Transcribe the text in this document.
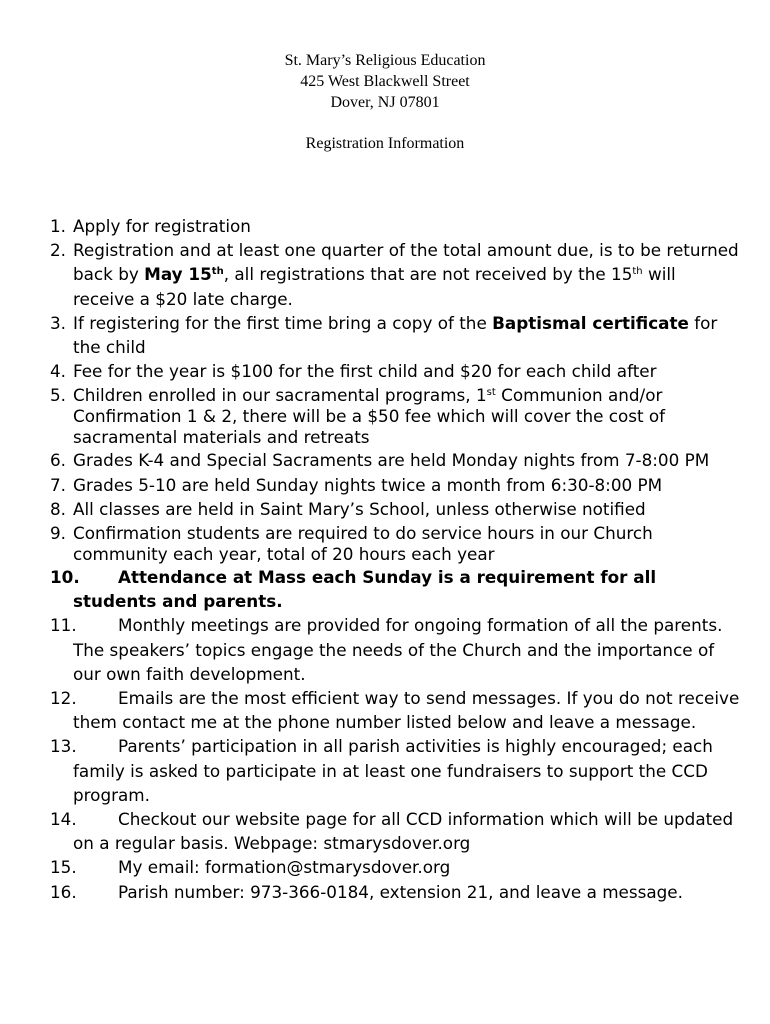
St. Mary’s Religious Education
425 West Blackwell Street
Dover, NJ 07801
Registration Information
1. Apply for registration
2. Registration and at least one quarter of the total amount due, is to be returned back by May 15th, all registrations that are not received by the 15th will receive a $20 late charge.
3. If registering for the first time bring a copy of the Baptismal certificate for the child
4. Fee for the year is $100 for the first child and $20 for each child after
5. Children enrolled in our sacramental programs, 1st Communion and/or Confirmation 1 & 2, there will be a $50 fee which will cover the cost of sacramental materials and retreats
6. Grades K-4 and Special Sacraments are held Monday nights from 7-8:00 PM
7. Grades 5-10 are held Sunday nights twice a month from 6:30-8:00 PM
8. All classes are held in Saint Mary’s School, unless otherwise notified
9. Confirmation students are required to do service hours in our Church community each year, total of 20 hours each year
10. Attendance at Mass each Sunday is a requirement for all students and parents.
11. Monthly meetings are provided for ongoing formation of all the parents. The speakers’ topics engage the needs of the Church and the importance of our own faith development.
12. Emails are the most efficient way to send messages. If you do not receive them contact me at the phone number listed below and leave a message.
13. Parents’ participation in all parish activities is highly encouraged; each family is asked to participate in at least one fundraisers to support the CCD program.
14. Checkout our website page for all CCD information which will be updated on a regular basis. Webpage: stmarysdover.org
15. My email: formation@stmarysdover.org
16. Parish number: 973-366-0184, extension 21, and leave a message.
